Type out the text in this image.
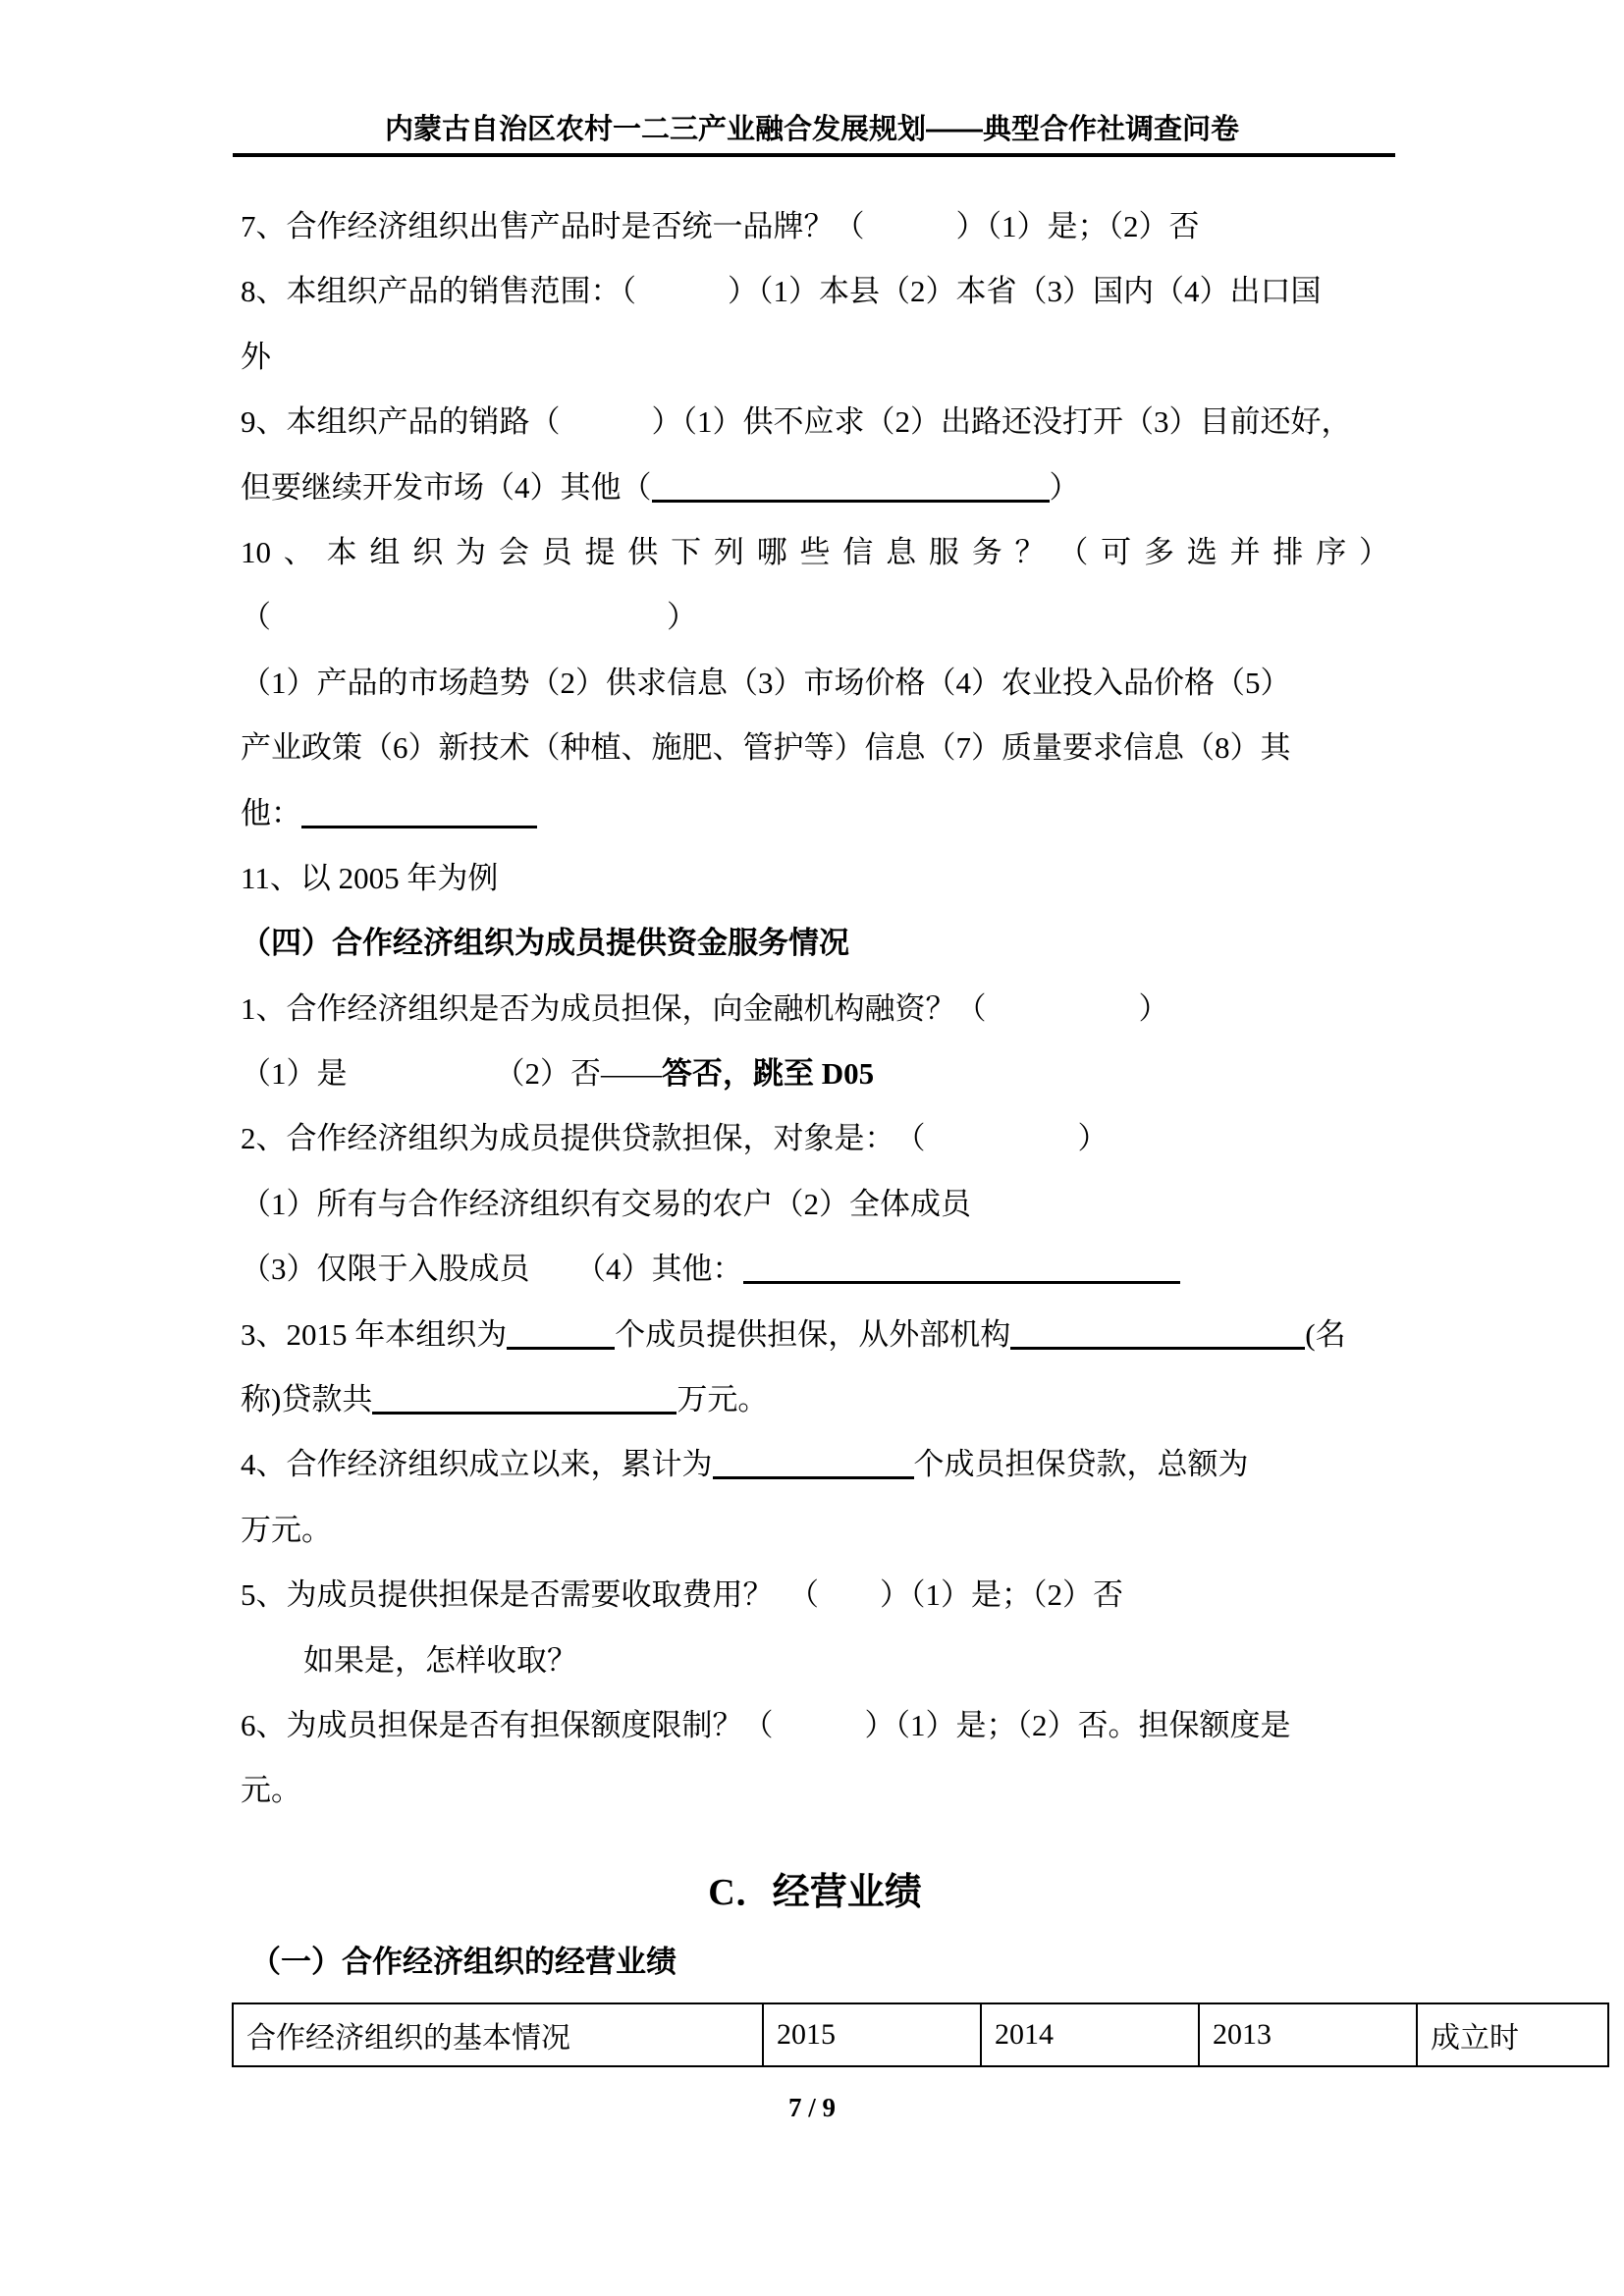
内蒙古自治区农村一二三产业融合发展规划——典型合作社调查问卷
7、合作经济组织出售产品时是否统一品牌？（　　　）（1）是；（2）否
8、本组织产品的销售范围：（　　　）（1）本县（2）本省（3）国内（4）出口国
外
9、本组织产品的销路（　　　）（1）供不应求（2）出路还没打开（3）目前还好，
但要继续开发市场（4）其他（	）
10、本组织为会员提供下列哪些信息服务？（可多选并排序）
（　　　　　　　　　　　　　）
（1）产品的市场趋势（2）供求信息（3）市场价格（4）农业投入品价格（5）
产业政策（6）新技术（种植、施肥、管护等）信息（7）质量要求信息（8）其
他：
11、以 2005 年为例
（四）合作经济组织为成员提供资金服务情况
1、合作经济组织是否为成员担保，向金融机构融资？（　　　　　）
（1）是	（2）否——答否，跳至 D05
2、合作经济组织为成员提供贷款担保，对象是：　（　　　　　）
（1）所有与合作经济组织有交易的农户（2）全体成员
（3）仅限于入股成员　　（4）其他：
3、2015 年本组织为	个成员提供担保，从外部机构	(名
称)贷款共	万元。
4、合作经济组织成立以来，累计为	个成员担保贷款，总额为
万元。
5、为成员提供担保是否需要收取费用？　（　　）（1）是；（2）否
如果是，怎样收取？
6、为成员担保是否有担保额度限制？（　　　）（1）是；（2）否。担保额度是
元。
C．经营业绩
（一）合作经济组织的经营业绩
合作经济组织的基本情况	2015	2014	2013	成立时
7 / 9
